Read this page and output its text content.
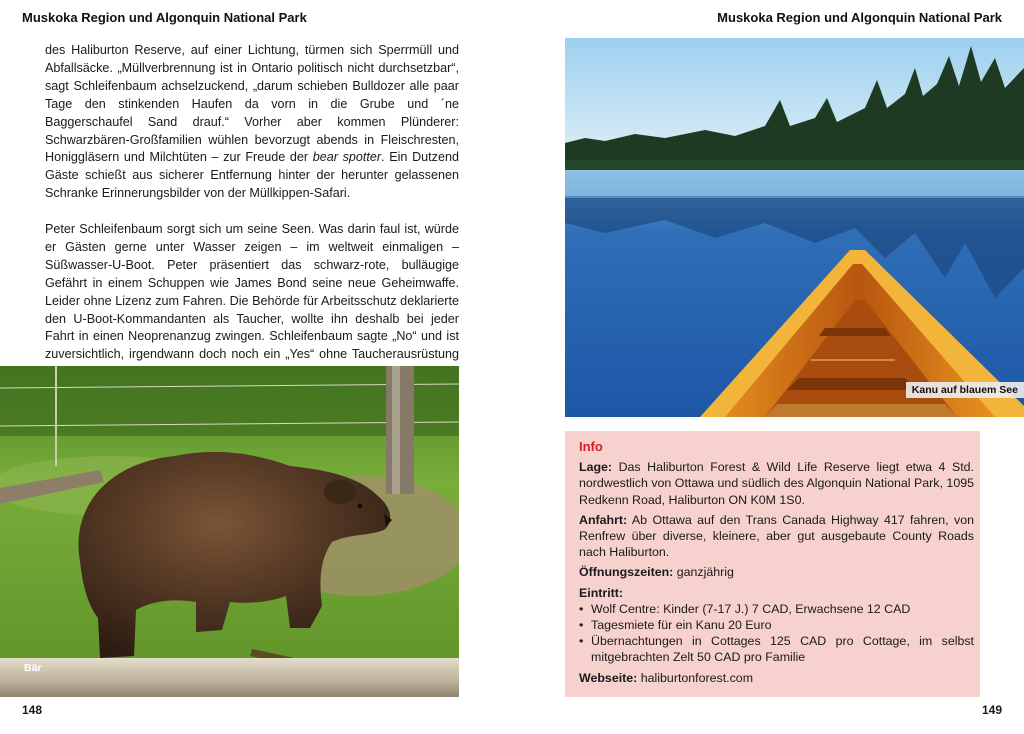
Muskoka Region und Algonquin National Park

des Haliburton Reserve, auf einer Lichtung, türmen sich Sperrmüll und Abfallsäcke. „Müllverbrennung ist in Ontario politisch nicht durchsetzbar“, sagt Schleifenbaum achselzuckend, „darum schieben Bulldozer alle paar Tage den stinkenden Haufen da vorn in die Grube und ´ne Baggerschaufel Sand drauf.“ Vorher aber kommen Plünderer: Schwarzbären-Großfamilien wühlen bevorzugt abends in Fleischresten, Honiggläsern und Milchtüten – zur Freude der bear spotter. Ein Dutzend Gäste schießt aus sicherer Entfernung hinter der herunter gelassenen Schranke Erinnerungsbilder von der Müllkippen-Safari.

Peter Schleifenbaum sorgt sich um seine Seen. Was darin faul ist, würde er Gästen gerne unter Wasser zeigen – im weltweit einmaligen – Süßwasser-U-Boot. Peter präsentiert das schwarz-rote, bulläugige Gefährt in einem Schuppen wie James Bond seine neue Geheimwaffe. Leider ohne Lizenz zum Fahren. Die Behörde für Arbeitsschutz deklarierte den U-Boot-Kommandanten als Taucher, wollte ihn deshalb bei jeder Fahrt in einen Neoprenanzug zwingen. Schleifenbaum sagte „No“ und ist zuversichtlich, irgendwann doch noch ein „Yes“ ohne Taucherausrüstung

Bär
148
Muskoka Region und Algonquin National Park
Kanu auf blauem See
Info

Lage: Das Haliburton Forest & Wild Life Reserve liegt etwa 4 Std. nordwestlich von Ottawa und südlich des Algonquin National Park, 1095 Redkenn Road, Haliburton ON K0M 1S0.

Anfahrt: Ab Ottawa auf den Trans Canada Highway 417 fahren, von Renfrew über diverse, kleinere, aber gut ausgebaute County Roads nach Haliburton.

Öffnungszeiten: ganzjährig

Eintritt:

• Wolf Centre: Kinder (7-17 J.) 7 CAD, Erwachsene 12 CAD
• Tagesmiete für ein Kanu 20 Euro
• Übernachtungen in Cottages 125 CAD pro Cottage, im selbst mitgebrachten Zelt 50 CAD pro Familie

Webseite: haliburtonforest.com

149
